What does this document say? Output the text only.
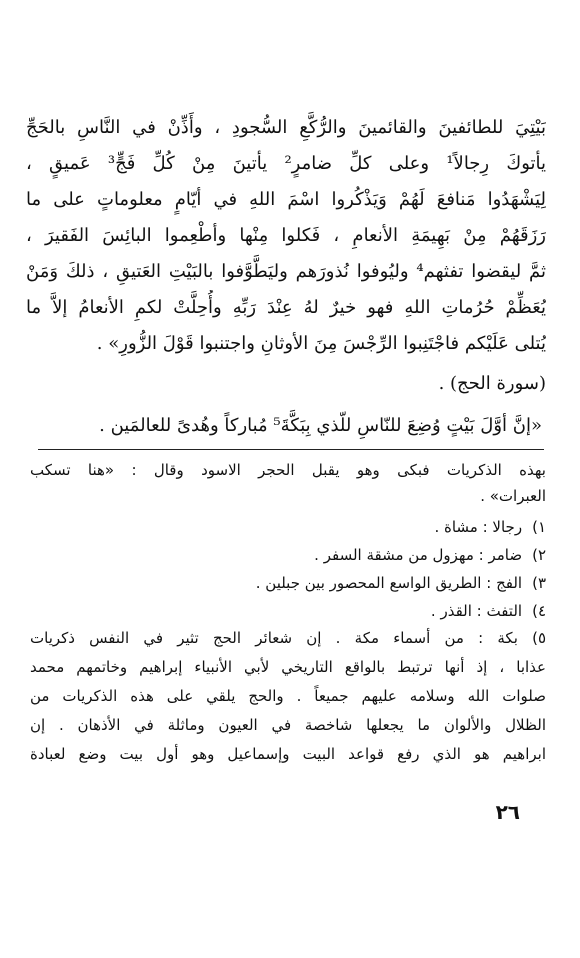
بَيْتِيَ للطائفينَ والقائمينَ والرُّكَّعِ السُّجودِ ، وأَذِّنْ في النَّاسِ بالحَجِّ
يأتوكَ رِجالاً¹ وعلى كلِّ ضامرٍ² يأتينَ مِنْ كُلِّ فَجٍّ³ عَميقٍ ،
لِيَشْهَدُوا مَنافعَ لَهُمْ وَيَذْكُروا اسْمَ اللهِ في أيّامٍ معلوماتٍ على ما
رَزَقَهُمْ مِنْ بَهِيمَةِ الأنعامِ ، فَكلوا مِنْها وأطْعِموا البائِسَ الفَقيرَ ،
ثمَّ ليقضوا تفثهم⁴ وليُوفوا نُذورَهم وليَطَّوَّفوا بالبَيْتِ العَتيقِ ، ذلكَ وَمَنْ
يُعَظِّمْ حُرُماتِ اللهِ فهو خيرٌ لهُ عِنْدَ رَبِّهِ وأُحِلَّتْ لكمِ الأنعامُ إلاَّ ما
يُتلى عَلَيْكم فاجْتَنِبوا الرِّجْسَ مِنَ الأوثانِ واجتنبوا قَوْلَ الزُّورِ» .
(سورة الحج) .
«إنَّ أوَّلَ بَيْتٍ وُضِعَ للنّاسِ للّذي بِبَكَّةَ⁵ مُباركاً وهُدىً للعالمَين .
بهذه الذكريات فبكى وهو يقبل الحجر الاسود وقال : «هنا تسكب
العبرات» .
١)رجالا : مشاة .
٢)ضامر : مهزول من مشقة السفر .
٣)الفج : الطريق الواسع المحصور بين جبلين .
٤)التفث : القذر .
٥) بكة : من أسماء مكة . إن شعائر الحج تثير في النفس ذكريات
عذابا ، إذ أنها ترتبط بالواقع التاريخي لأبي الأنبياء إبراهيم وخاتمهم محمد
صلوات الله وسلامه عليهم جميعاً . والحج يلقي على هذه الذكريات من
الظلال والألوان ما يجعلها شاخصة في العيون وماثلة في الأذهان . إن
ابراهيم هو الذي رفع قواعد البيت وإسماعيل وهو أول بيت وضع لعبادة
٢٦
